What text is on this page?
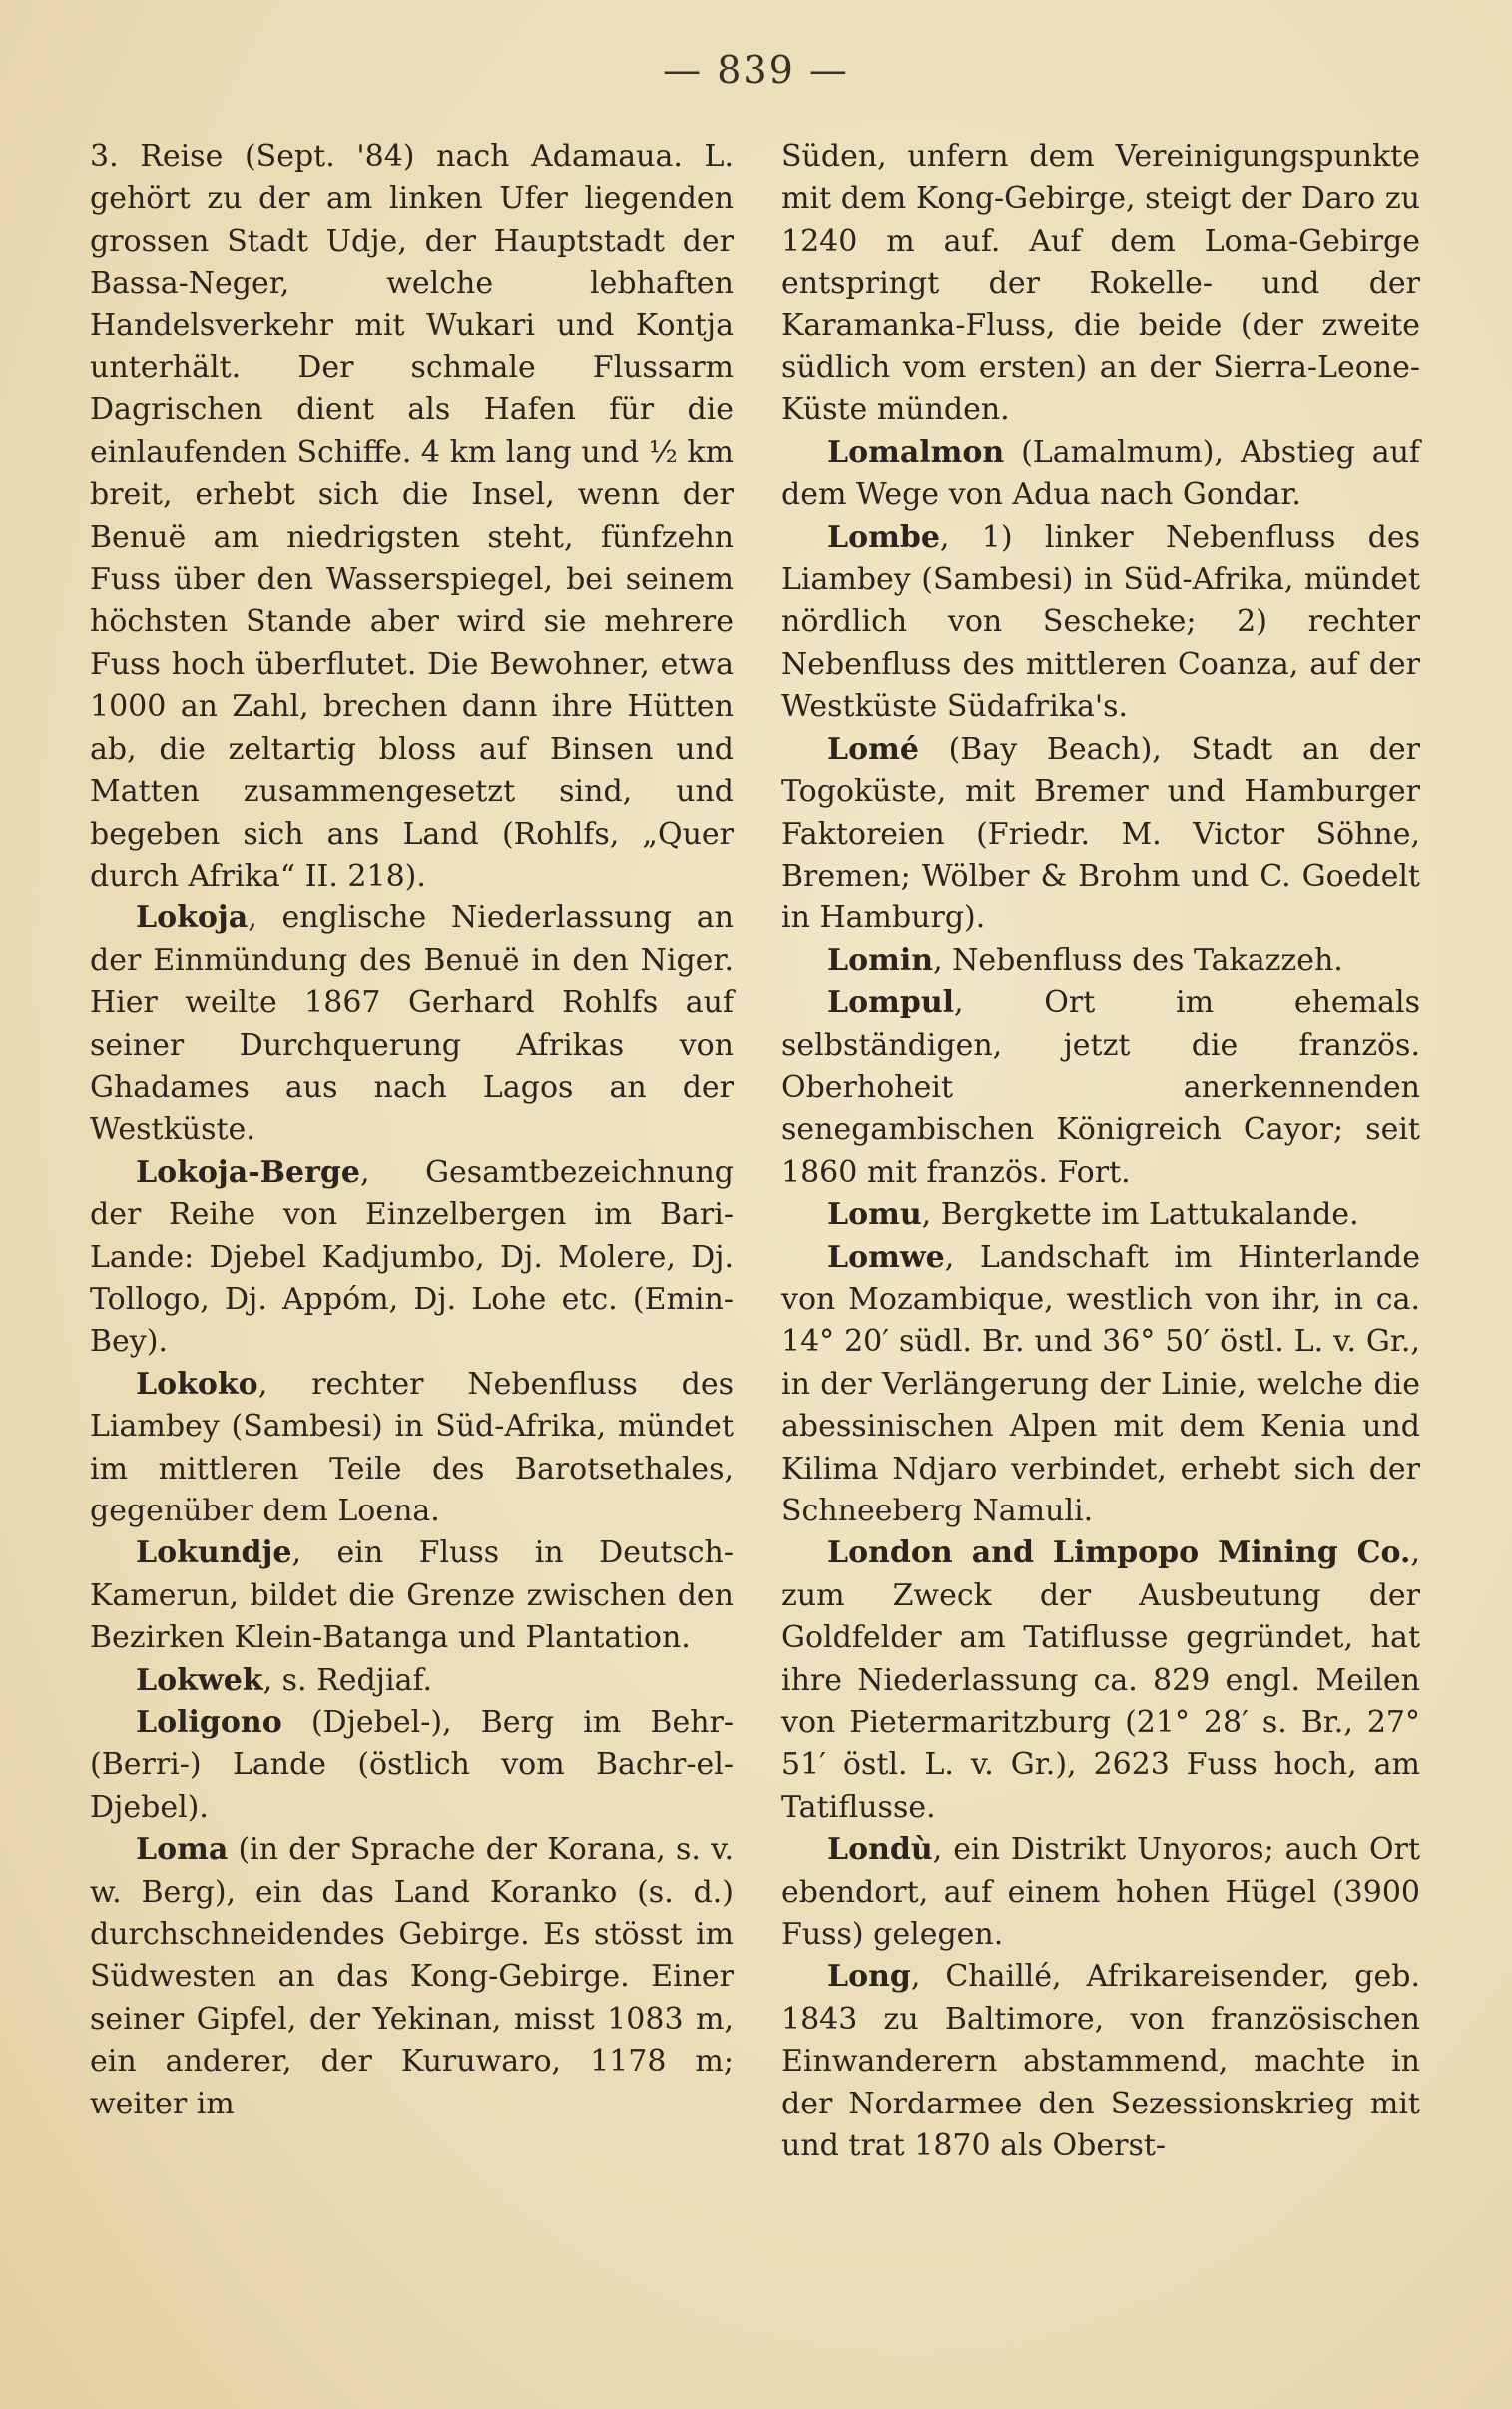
— 839 —

3. Reise (Sept. '84) nach Adamaua. L. gehört zu der am linken Ufer liegenden grossen Stadt Udje, der Hauptstadt der Bassa-Neger, welche lebhaften Handelsverkehr mit Wukari und Kontja unterhält. Der schmale Flussarm Dagrischen dient als Hafen für die einlaufenden Schiffe. 4 km lang und ½ km breit, erhebt sich die Insel, wenn der Benuë am niedrigsten steht, fünfzehn Fuss über den Wasserspiegel, bei seinem höchsten Stande aber wird sie mehrere Fuss hoch überflutet. Die Bewohner, etwa 1000 an Zahl, brechen dann ihre Hütten ab, die zeltartig bloss auf Binsen und Matten zusammengesetzt sind, und begeben sich ans Land (Rohlfs, „Quer durch Afrika“ II. 218).

Lokoja, englische Niederlassung an der Einmündung des Benuë in den Niger. Hier weilte 1867 Gerhard Rohlfs auf seiner Durchquerung Afrikas von Ghadames aus nach Lagos an der Westküste.

Lokoja-Berge, Gesamtbezeichnung der Reihe von Einzelbergen im Bari-Lande: Djebel Kadjumbo, Dj. Molere, Dj. Tollogo, Dj. Appóm, Dj. Lohe etc. (Emin-Bey).

Lokoko, rechter Nebenfluss des Liambey (Sambesi) in Süd-Afrika, mündet im mittleren Teile des Barotsethales, gegenüber dem Loena.

Lokundje, ein Fluss in Deutsch-Kamerun, bildet die Grenze zwischen den Bezirken Klein-Batanga und Plantation.

Lokwek, s. Redjiaf.

Loligono (Djebel-), Berg im Behr-(Berri-) Lande (östlich vom Bachr-el-Djebel).

Loma (in der Sprache der Korana, s. v. w. Berg), ein das Land Koranko (s. d.) durchschneidendes Gebirge. Es stösst im Südwesten an das Kong-Gebirge. Einer seiner Gipfel, der Yekinan, misst 1083 m, ein anderer, der Kuruwaro, 1178 m; weiter im

Süden, unfern dem Vereinigungspunkte mit dem Kong-Gebirge, steigt der Daro zu 1240 m auf. Auf dem Loma-Gebirge entspringt der Rokelle- und der Karamanka-Fluss, die beide (der zweite südlich vom ersten) an der Sierra-Leone-Küste münden.

Lomalmon (Lamalmum), Abstieg auf dem Wege von Adua nach Gondar.

Lombe, 1) linker Nebenfluss des Liambey (Sambesi) in Süd-Afrika, mündet nördlich von Sescheke; 2) rechter Nebenfluss des mittleren Coanza, auf der Westküste Südafrika's.

Lomé (Bay Beach), Stadt an der Togoküste, mit Bremer und Hamburger Faktoreien (Friedr. M. Victor Söhne, Bremen; Wölber & Brohm und C. Goedelt in Hamburg).

Lomin, Nebenfluss des Takazzeh.

Lompul, Ort im ehemals selbständigen, jetzt die französ. Oberhoheit anerkennenden senegambischen Königreich Cayor; seit 1860 mit französ. Fort.

Lomu, Bergkette im Lattukalande.

Lomwe, Landschaft im Hinterlande von Mozambique, westlich von ihr, in ca. 14° 20′ südl. Br. und 36° 50′ östl. L. v. Gr., in der Verlängerung der Linie, welche die abessinischen Alpen mit dem Kenia und Kilima Ndjaro verbindet, erhebt sich der Schneeberg Namuli.

London and Limpopo Mining Co., zum Zweck der Ausbeutung der Goldfelder am Tatiflusse gegründet, hat ihre Niederlassung ca. 829 engl. Meilen von Pietermaritzburg (21° 28′ s. Br., 27° 51′ östl. L. v. Gr.), 2623 Fuss hoch, am Tatiflusse.

Londù, ein Distrikt Unyoros; auch Ort ebendort, auf einem hohen Hügel (3900 Fuss) gelegen.

Long, Chaillé, Afrikareisender, geb. 1843 zu Baltimore, von französischen Einwanderern abstammend, machte in der Nordarmee den Sezessionskrieg mit und trat 1870 als Oberst-
